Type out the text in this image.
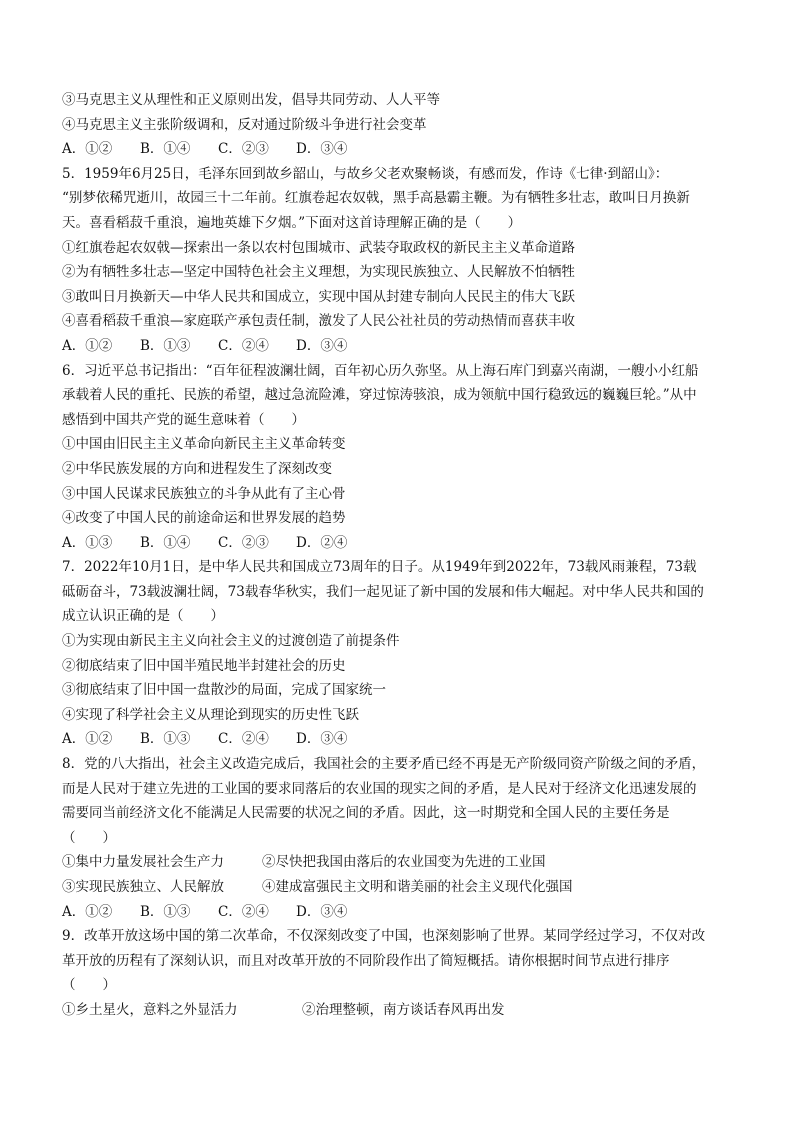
③马克思主义从理性和正义原则出发，倡导共同劳动、人人平等
④马克思主义主张阶级调和，反对通过阶级斗争进行社会变革
A．①② B．①④ C．②③ D．③④
5．1959年6月25日，毛泽东回到故乡韶山，与故乡父老欢聚畅谈，有感而发，作诗《七律·到韶山》：
“别梦依稀咒逝川，故园三十二年前。红旗卷起农奴戟，黑手高悬霸主鞭。为有牺牲多壮志，敢叫日月换新
天。喜看稻菽千重浪，遍地英雄下夕烟。”下面对这首诗理解正确的是（　　）
①红旗卷起农奴戟—探索出一条以农村包围城市、武装夺取政权的新民主主义革命道路
②为有牺牲多壮志—坚定中国特色社会主义理想，为实现民族独立、人民解放不怕牺牲
③敢叫日月换新天—中华人民共和国成立，实现中国从封建专制向人民民主的伟大飞跃
④喜看稻菽千重浪—家庭联产承包责任制，激发了人民公社社员的劳动热情而喜获丰收
A．①② B．①③ C．②④ D．③④
6．习近平总书记指出：“百年征程波澜壮阔，百年初心历久弥坚。从上海石库门到嘉兴南湖，一艘小小红船
承载着人民的重托、民族的希望，越过急流险滩，穿过惊涛骇浪，成为领航中国行稳致远的巍巍巨轮。”从中
感悟到中国共产党的诞生意味着（　　）
①中国由旧民主主义革命向新民主主义革命转变
②中华民族发展的方向和进程发生了深刻改变
③中国人民谋求民族独立的斗争从此有了主心骨
④改变了中国人民的前途命运和世界发展的趋势
A．①③ B．①④ C．②③ D．②④
7．2022年10月1日，是中华人民共和国成立73周年的日子。从1949年到2022年，73载风雨兼程，73载
砥砺奋斗，73载波澜壮阔，73载春华秋实，我们一起见证了新中国的发展和伟大崛起。对中华人民共和国的
成立认识正确的是（　　）
①为实现由新民主主义向社会主义的过渡创造了前提条件
②彻底结束了旧中国半殖民地半封建社会的历史
③彻底结束了旧中国一盘散沙的局面，完成了国家统一
④实现了科学社会主义从理论到现实的历史性飞跃
A．①② B．①③ C．②④ D．③④
8．党的八大指出，社会主义改造完成后，我国社会的主要矛盾已经不再是无产阶级同资产阶级之间的矛盾，
而是人民对于建立先进的工业国的要求同落后的农业国的现实之间的矛盾，是人民对于经济文化迅速发展的
需要同当前经济文化不能满足人民需要的状况之间的矛盾。因此，这一时期党和全国人民的主要任务是
（　　）
①集中力量发展社会生产力	②尽快把我国由落后的农业国变为先进的工业国
③实现民族独立、人民解放	④建成富强民主文明和谐美丽的社会主义现代化强国
A．①② B．①③ C．②④ D．③④
9．改革开放这场中国的第二次革命，不仅深刻改变了中国，也深刻影响了世界。某同学经过学习，不仅对改
革开放的历程有了深刻认识，而且对改革开放的不同阶段作出了简短概括。请你根据时间节点进行排序
（　　）
①乡土星火，意料之外显活力	②治理整顿，南方谈话春风再出发
